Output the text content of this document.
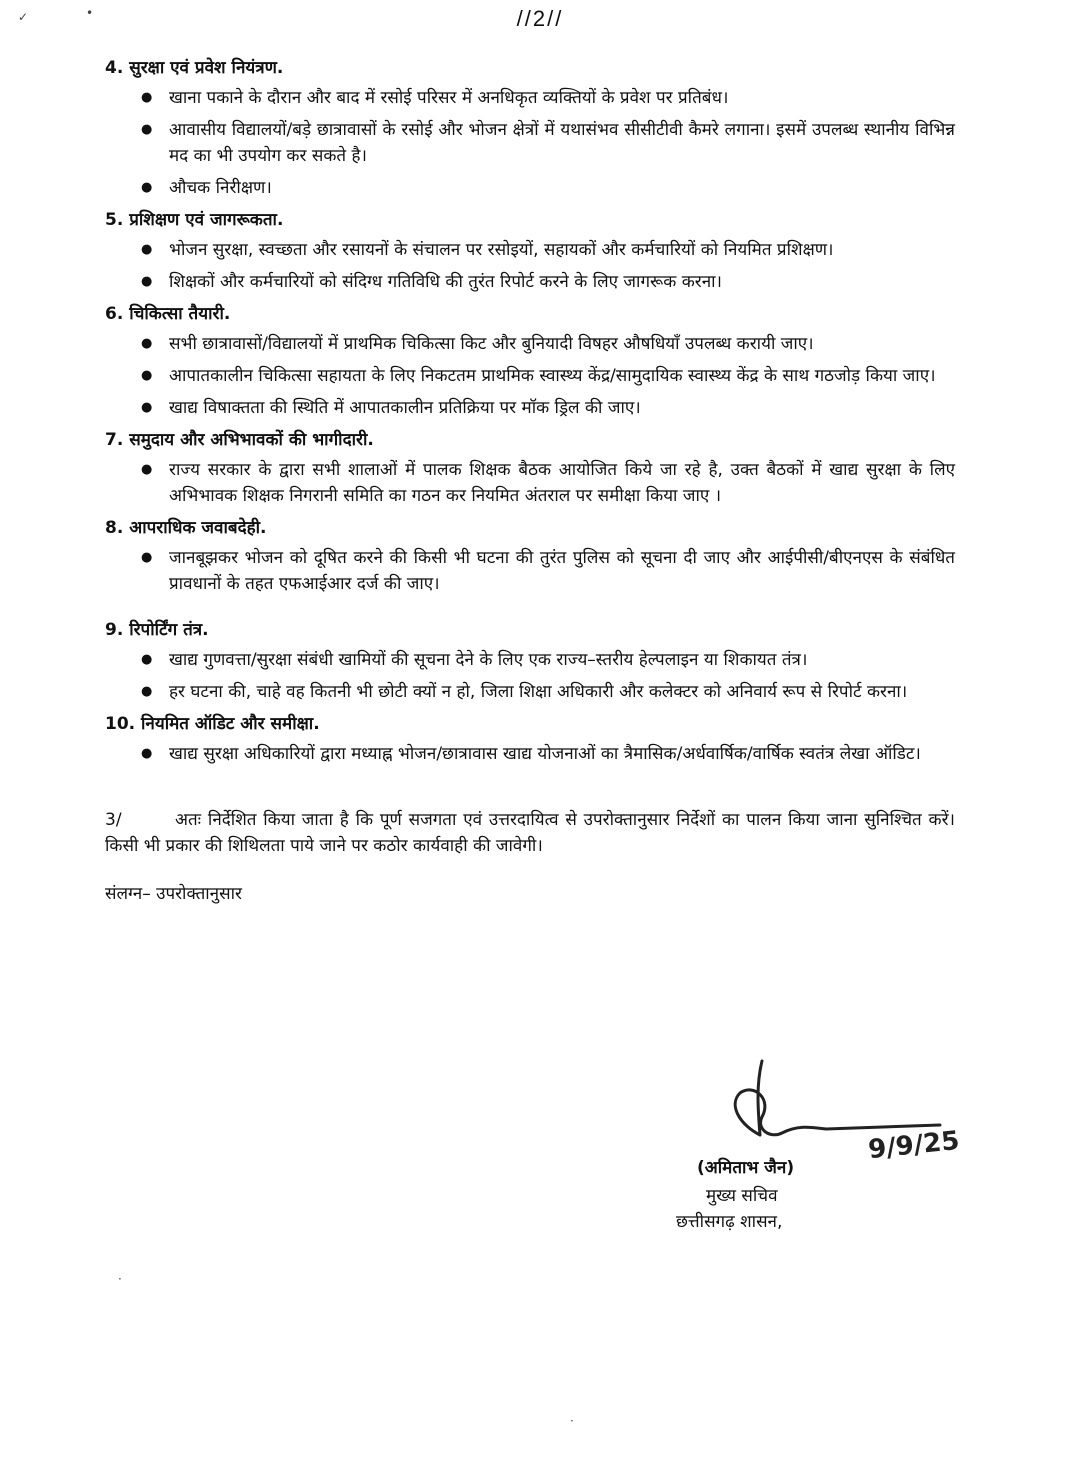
✓	•	//2//
4. सुरक्षा एवं प्रवेश नियंत्रण.
● खाना पकाने के दौरान और बाद में रसोई परिसर में अनधिकृत व्यक्तियों के प्रवेश पर प्रतिबंध।
● आवासीय विद्यालयों/बड़े छात्रावासों के रसोई और भोजन क्षेत्रों में यथासंभव सीसीटीवी कैमरे लगाना। इसमें उपलब्ध स्थानीय विभिन्न मद का भी उपयोग कर सकते है।
● औचक निरीक्षण।
5. प्रशिक्षण एवं जागरूकता.
● भोजन सुरक्षा, स्वच्छता और रसायनों के संचालन पर रसोइयों, सहायकों और कर्मचारियों को नियमित प्रशिक्षण।
● शिक्षकों और कर्मचारियों को संदिग्ध गतिविधि की तुरंत रिपोर्ट करने के लिए जागरूक करना।
6. चिकित्सा तैयारी.
● सभी छात्रावासों/विद्यालयों में प्राथमिक चिकित्सा किट और बुनियादी विषहर औषधियाँ उपलब्ध करायी जाए।
● आपातकालीन चिकित्सा सहायता के लिए निकटतम प्राथमिक स्वास्थ्य केंद्र/सामुदायिक स्वास्थ्य केंद्र के साथ गठजोड़ किया जाए।
● खाद्य विषाक्तता की स्थिति में आपातकालीन प्रतिक्रिया पर मॉक ड्रिल की जाए।
7. समुदाय और अभिभावकों की भागीदारी.
● राज्य सरकार के द्वारा सभी शालाओं में पालक शिक्षक बैठक आयोजित किये जा रहे है, उक्त बैठकों में खाद्य सुरक्षा के लिए अभिभावक शिक्षक निगरानी समिति का गठन कर नियमित अंतराल पर समीक्षा किया जाए ।
8. आपराधिक जवाबदेही.
● जानबूझकर भोजन को दूषित करने की किसी भी घटना की तुरंत पुलिस को सूचना दी जाए और आईपीसी/बीएनएस के संबंधित प्रावधानों के तहत एफआईआर दर्ज की जाए।
9. रिपोर्टिंग तंत्र.
● खाद्य गुणवत्ता/सुरक्षा संबंधी खामियों की सूचना देने के लिए एक राज्य–स्तरीय हेल्पलाइन या शिकायत तंत्र।
● हर घटना की, चाहे वह कितनी भी छोटी क्यों न हो, जिला शिक्षा अधिकारी और कलेक्टर को अनिवार्य रूप से रिपोर्ट करना।
10. नियमित ऑडिट और समीक्षा.
● खाद्य सुरक्षा अधिकारियों द्वारा मध्याह्न भोजन/छात्रावास खाद्य योजनाओं का त्रैमासिक/अर्धवार्षिक/वार्षिक स्वतंत्र लेखा ऑडिट।
3/	अतः निर्देशित किया जाता है कि पूर्ण सजगता एवं उत्तरदायित्व से उपरोक्तानुसार निर्देशों का पालन किया जाना सुनिश्चित करें। किसी भी प्रकार की शिथिलता पाये जाने पर कठोर कार्यवाही की जावेगी।
संलग्न– उपरोक्तानुसार
9/9/25
(अमिताभ जैन)
मुख्य सचिव
छत्तीसगढ़ शासन,
·
·
